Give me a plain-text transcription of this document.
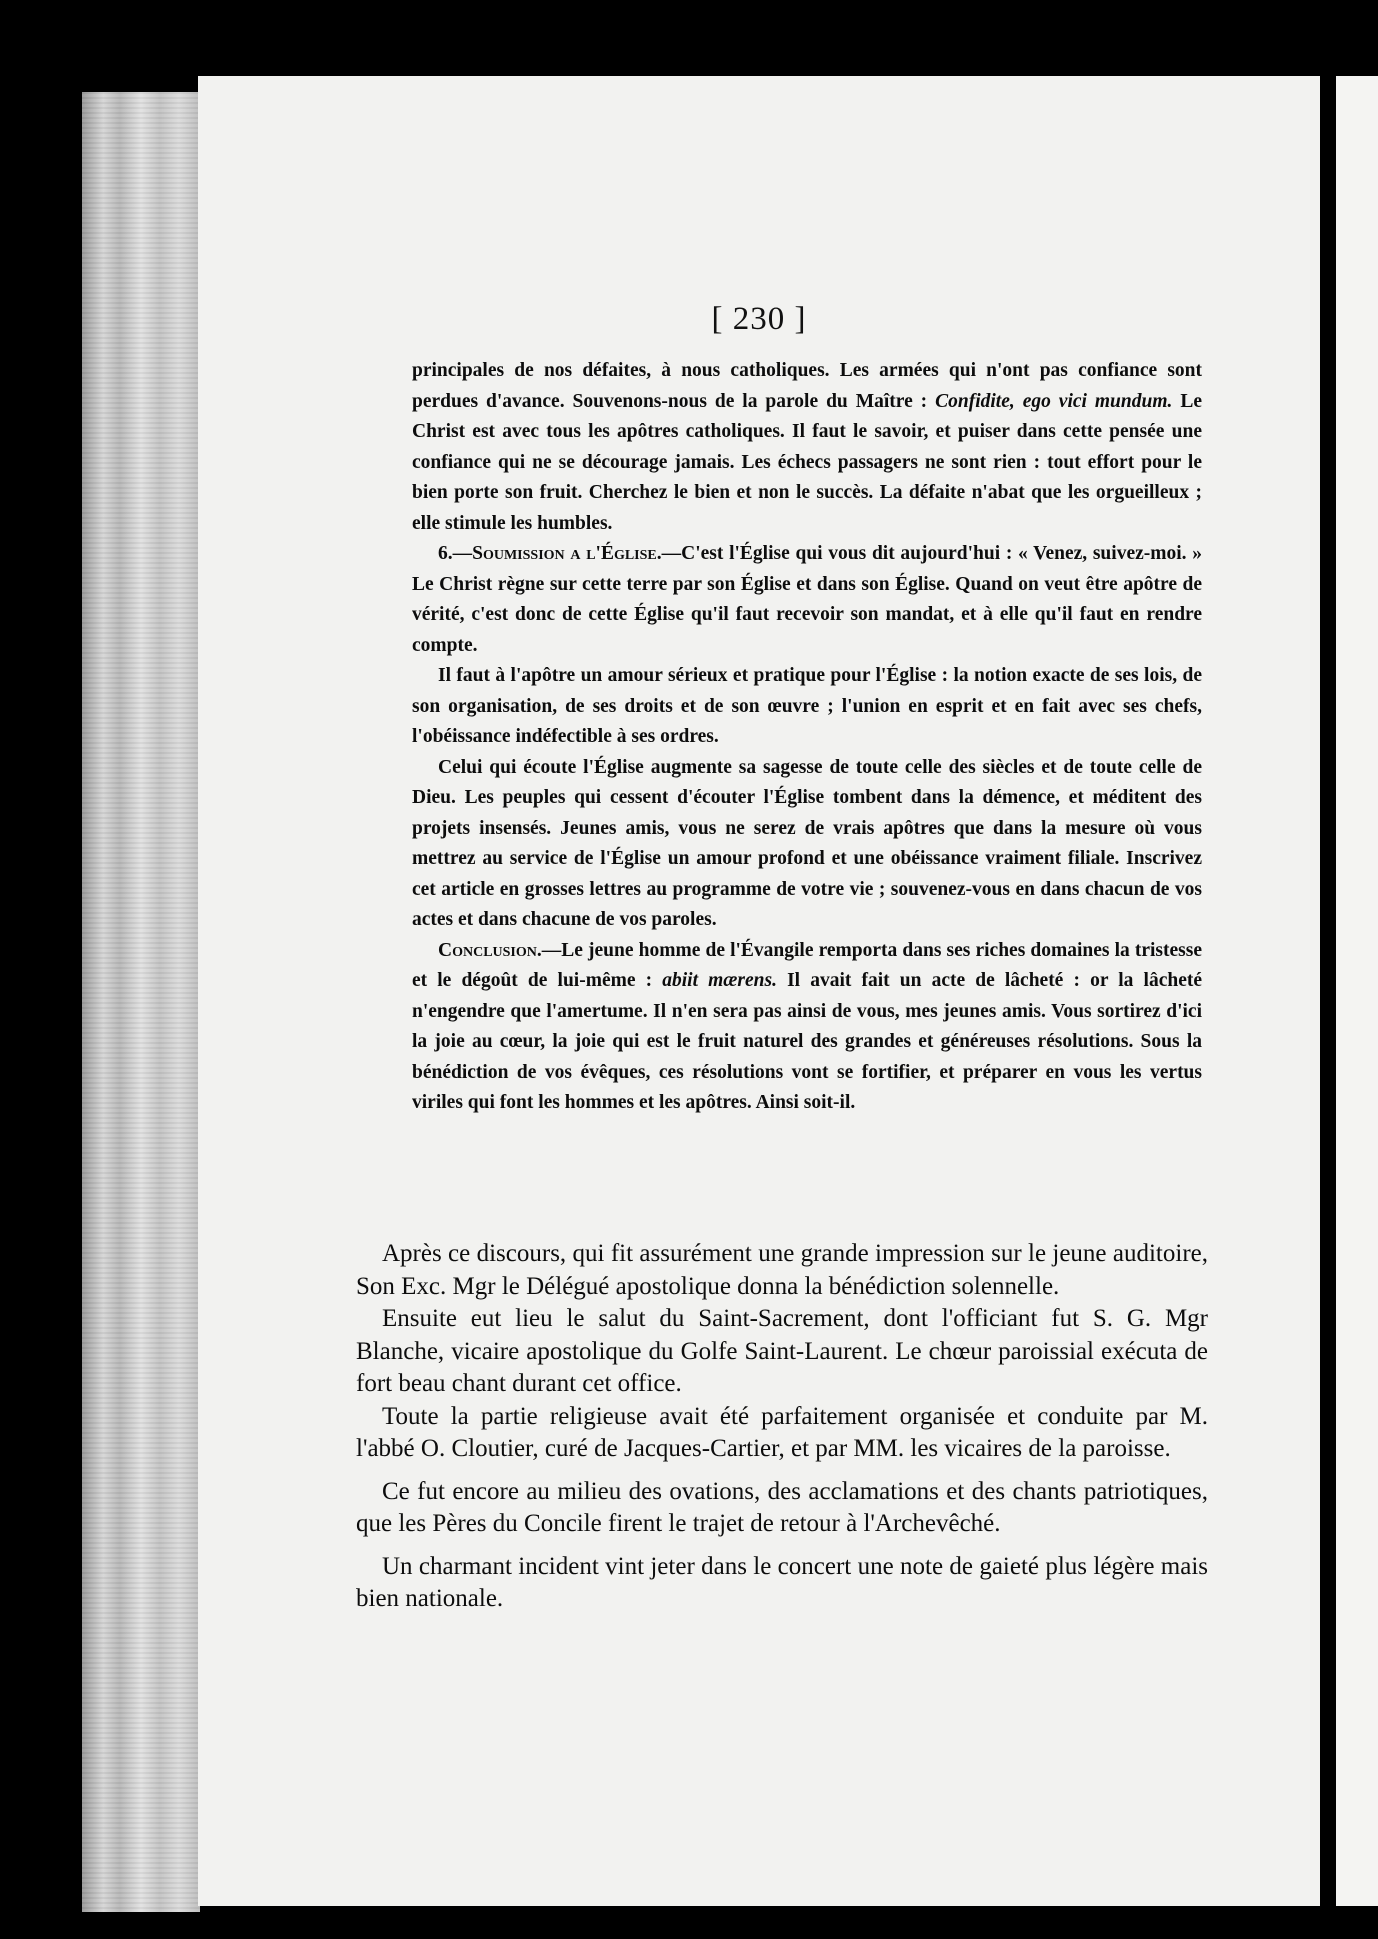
[ 230 ]

principales de nos défaites, à nous catholiques. Les armées qui n'ont pas confiance sont perdues d'avance. Souvenons-nous de la parole du Maître : Confidite, ego vici mundum. Le Christ est avec tous les apôtres catholiques. Il faut le savoir, et puiser dans cette pensée une confiance qui ne se décourage jamais. Les échecs passagers ne sont rien : tout effort pour le bien porte son fruit. Cherchez le bien et non le succès. La défaite n'abat que les orgueilleux ; elle stimule les humbles.

6.—Soumission a l'Église.—C'est l'Église qui vous dit aujourd'hui : « Venez, suivez-moi. » Le Christ règne sur cette terre par son Église et dans son Église. Quand on veut être apôtre de vérité, c'est donc de cette Église qu'il faut recevoir son mandat, et à elle qu'il faut en rendre compte.

Il faut à l'apôtre un amour sérieux et pratique pour l'Église : la notion exacte de ses lois, de son organisation, de ses droits et de son œuvre ; l'union en esprit et en fait avec ses chefs, l'obéissance indéfectible à ses ordres.

Celui qui écoute l'Église augmente sa sagesse de toute celle des siècles et de toute celle de Dieu. Les peuples qui cessent d'écouter l'Église tombent dans la démence, et méditent des projets insensés. Jeunes amis, vous ne serez de vrais apôtres que dans la mesure où vous mettrez au service de l'Église un amour profond et une obéissance vraiment filiale. Inscrivez cet article en grosses lettres au programme de votre vie ; souvenez-vous en dans chacun de vos actes et dans chacune de vos paroles.

Conclusion.—Le jeune homme de l'Évangile remporta dans ses riches domaines la tristesse et le dégoût de lui-même : abiit mærens. Il avait fait un acte de lâcheté : or la lâcheté n'engendre que l'amertume. Il n'en sera pas ainsi de vous, mes jeunes amis. Vous sortirez d'ici la joie au cœur, la joie qui est le fruit naturel des grandes et généreuses résolutions. Sous la bénédiction de vos évêques, ces résolutions vont se fortifier, et préparer en vous les vertus viriles qui font les hommes et les apôtres. Ainsi soit-il.

Après ce discours, qui fit assurément une grande impression sur le jeune auditoire, Son Exc. Mgr le Délégué apostolique donna la bénédiction solennelle.

Ensuite eut lieu le salut du Saint-Sacrement, dont l'officiant fut S. G. Mgr Blanche, vicaire apostolique du Golfe Saint-Laurent. Le chœur paroissial exécuta de fort beau chant durant cet office.

Toute la partie religieuse avait été parfaitement organisée et conduite par M. l'abbé O. Cloutier, curé de Jacques-Cartier, et par MM. les vicaires de la paroisse.

Ce fut encore au milieu des ovations, des acclamations et des chants patriotiques, que les Pères du Concile firent le trajet de retour à l'Archevêché.

Un charmant incident vint jeter dans le concert une note de gaieté plus légère mais bien nationale.
